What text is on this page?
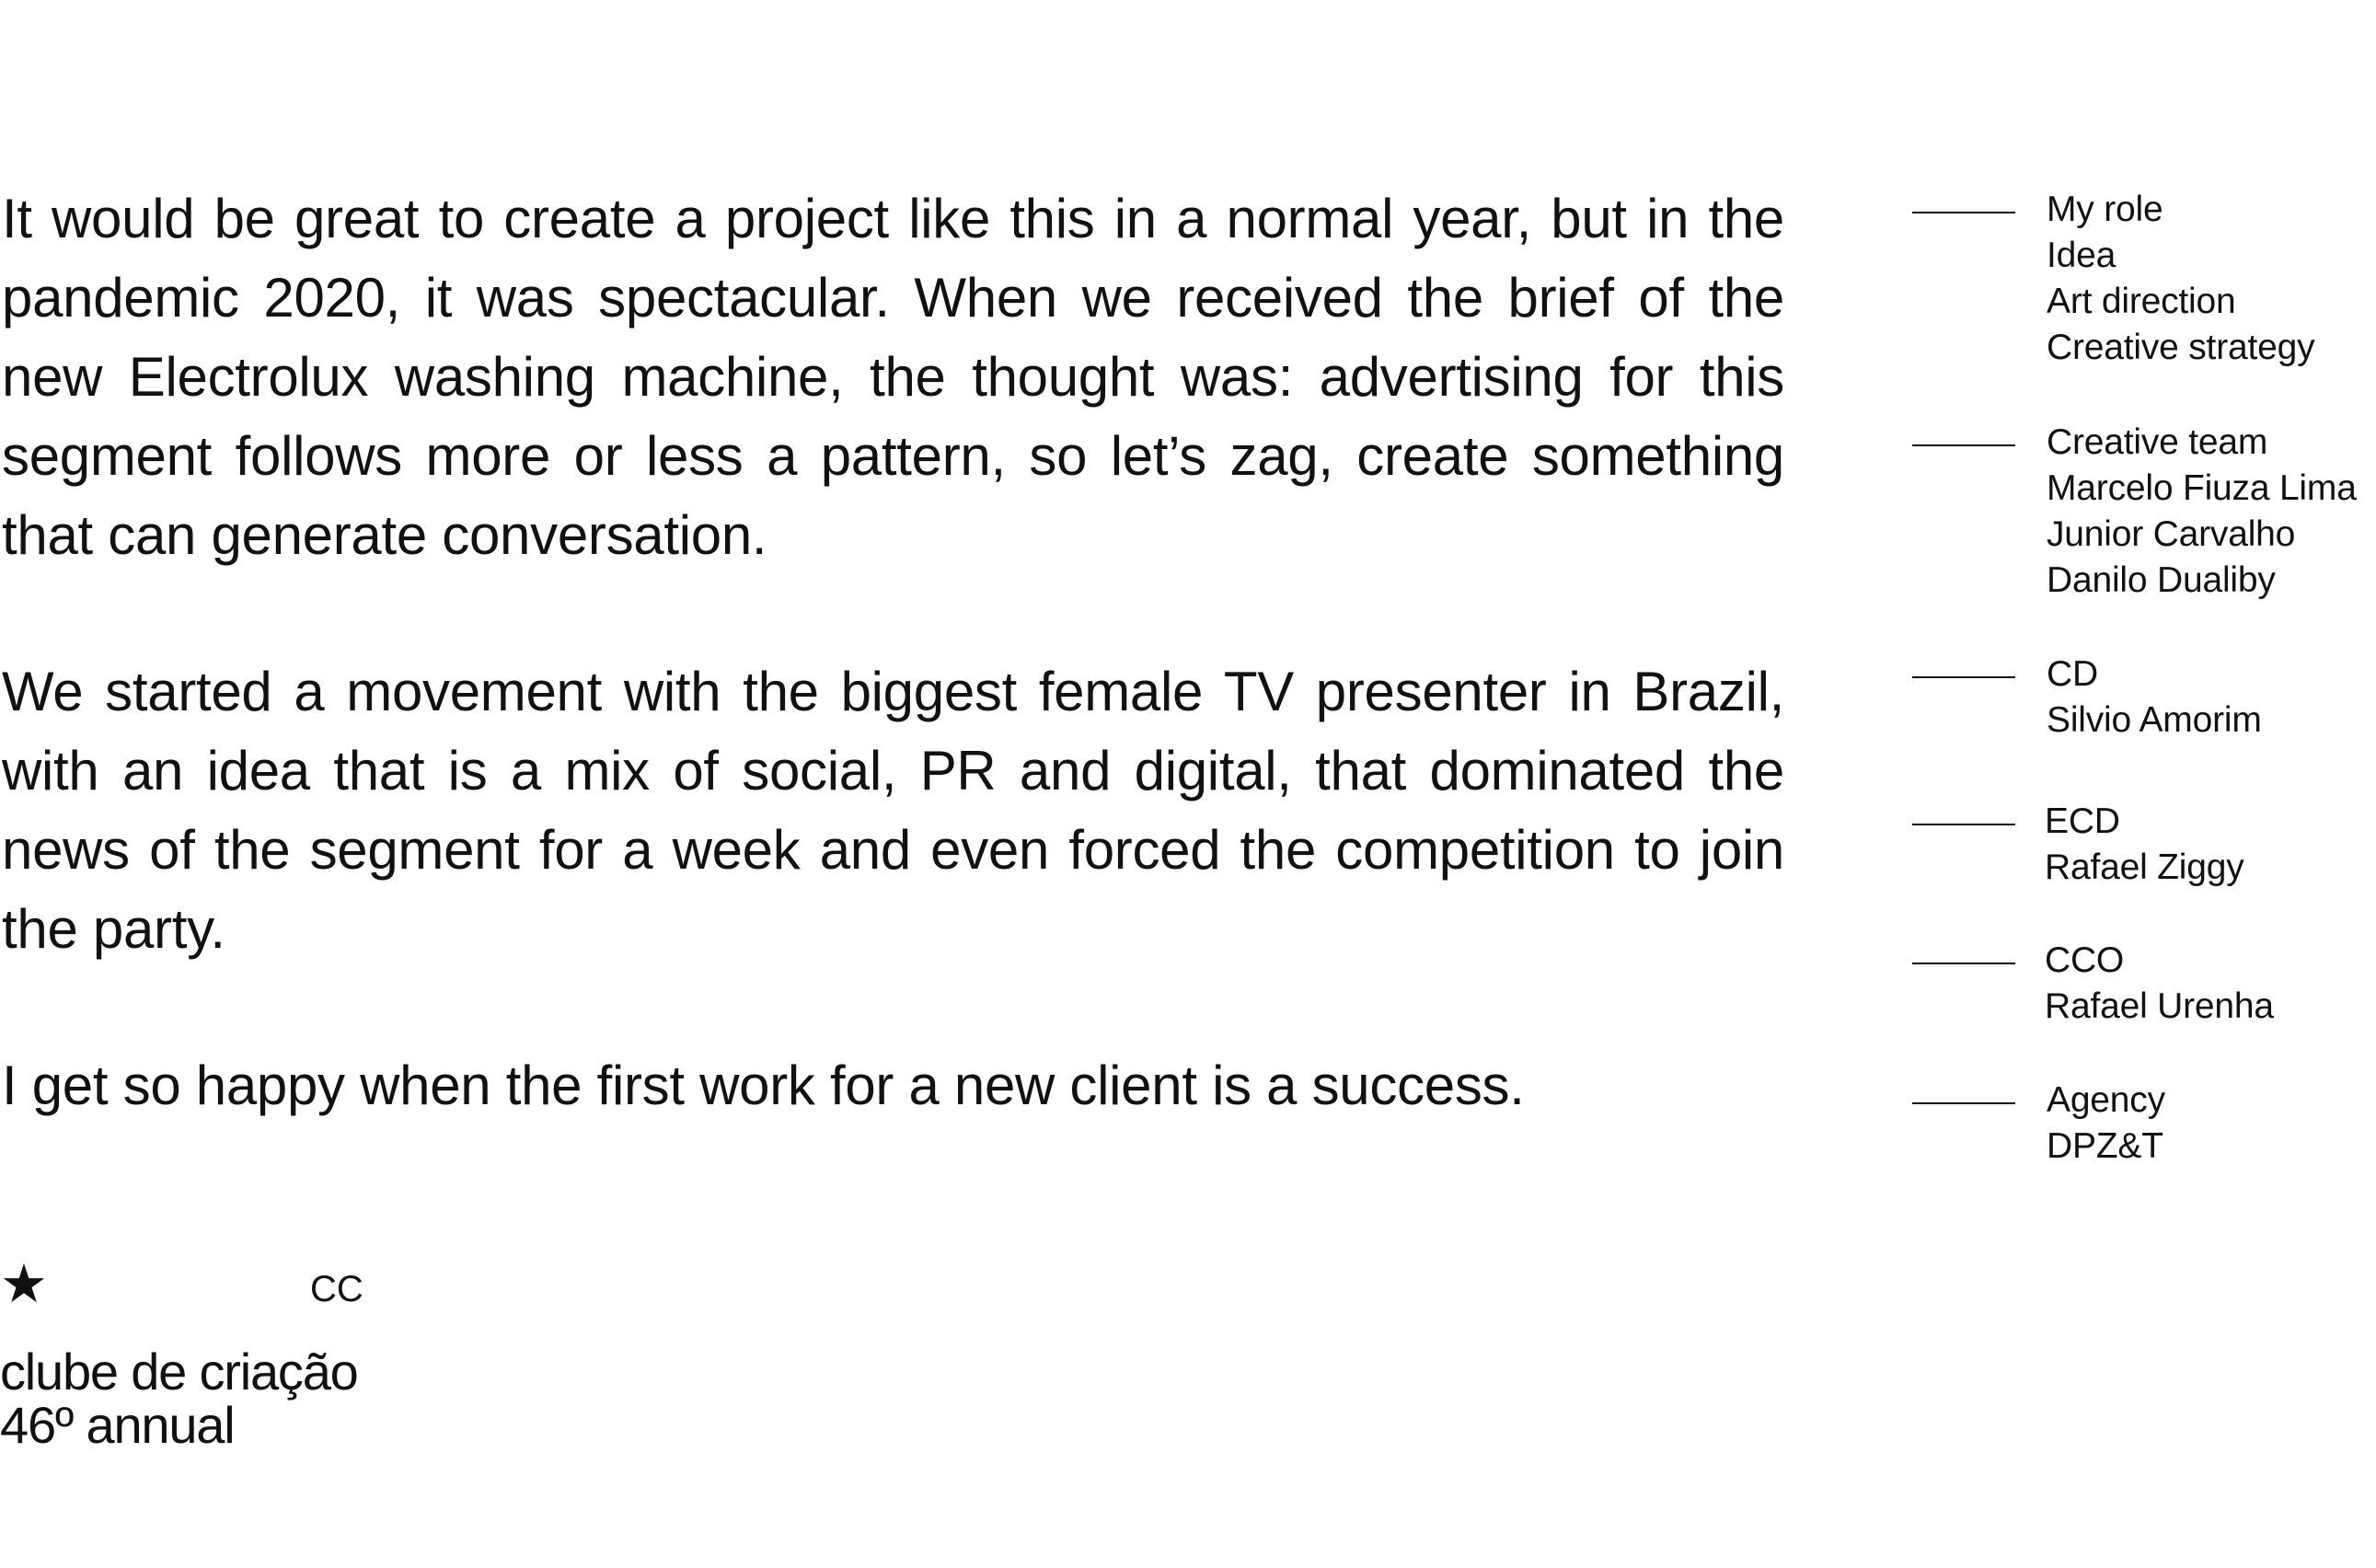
It would be great to create a project like this in a normal year, but in the pandemic 2020, it was spectacular. When we received the brief of the new Electrolux washing machine, the thought was: advertising for this segment follows more or less a pattern, so let’s zag, create something that can generate conversation.

We started a movement with the biggest female TV presenter in Brazil, with an idea that is a mix of social, PR and digital, that dominated the news of the segment for a week and even forced the competition to join the party.

I get so happy when the first work for a new client is a success.

My role
Idea
Art direction
Creative strategy
Creative team
Marcelo Fiuza Lima
Junior Carvalho
Danilo Dualiby
CD
Silvio Amorim
ECD
Rafael Ziggy
CCO
Rafael Urenha
Agency
DPZ&T
★	CC
clube de criação
46º annual
